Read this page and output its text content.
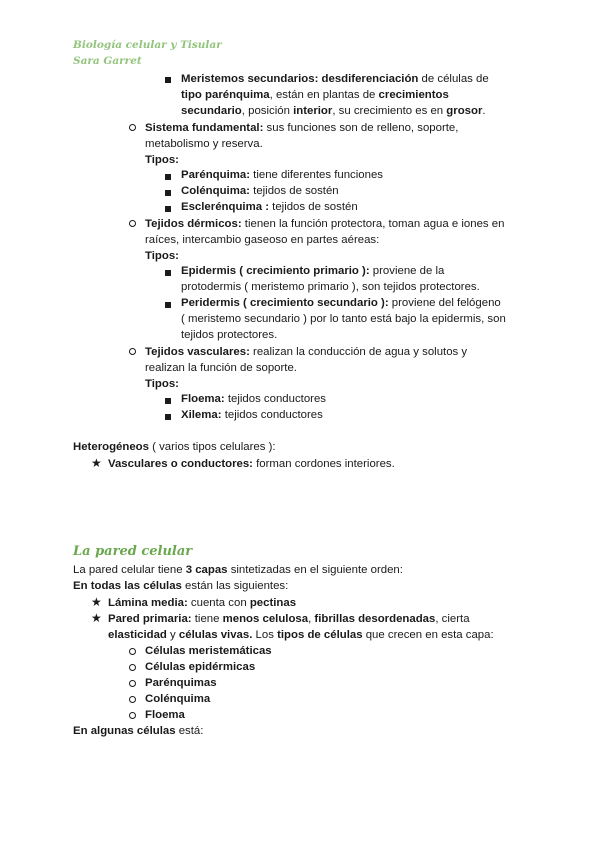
Biología celular y Tisular
Sara Garret
Meristemos secundarios: desdiferenciación de células de
tipo parénquima, están en plantas de crecimientos
secundario, posición interior, su crecimiento es en grosor.
Sistema fundamental: sus funciones son de relleno, soporte,
metabolismo y reserva.
Tipos:
Parénquima: tiene diferentes funciones
Colénquima: tejidos de sostén
Esclerénquima : tejidos de sostén
Tejidos dérmicos: tienen la función protectora, toman agua e iones en
raíces, intercambio gaseoso en partes aéreas:
Tipos:
Epidermis ( crecimiento primario ): proviene de la
protodermis ( meristemo primario ), son tejidos protectores.
Peridermis ( crecimiento secundario ): proviene del felógeno
( meristemo secundario ) por lo tanto está bajo la epidermis, son
tejidos protectores.
Tejidos vasculares: realizan la conducción de agua y solutos y
realizan la función de soporte.
Tipos:
Floema: tejidos conductores
Xilema: tejidos conductores
Heterogéneos ( varios tipos celulares ):
★ Vasculares o conductores: forman cordones interiores.
La pared celular
La pared celular tiene 3 capas sintetizadas en el siguiente orden:
En todas las células están las siguientes:
★ Lámina media: cuenta con pectinas
★ Pared primaria: tiene menos celulosa, fibrillas desordenadas, cierta
elasticidad y células vivas. Los tipos de células que crecen en esta capa:
Células meristemáticas
Células epidérmicas
Parénquimas
Colénquima
Floema
En algunas células está:
